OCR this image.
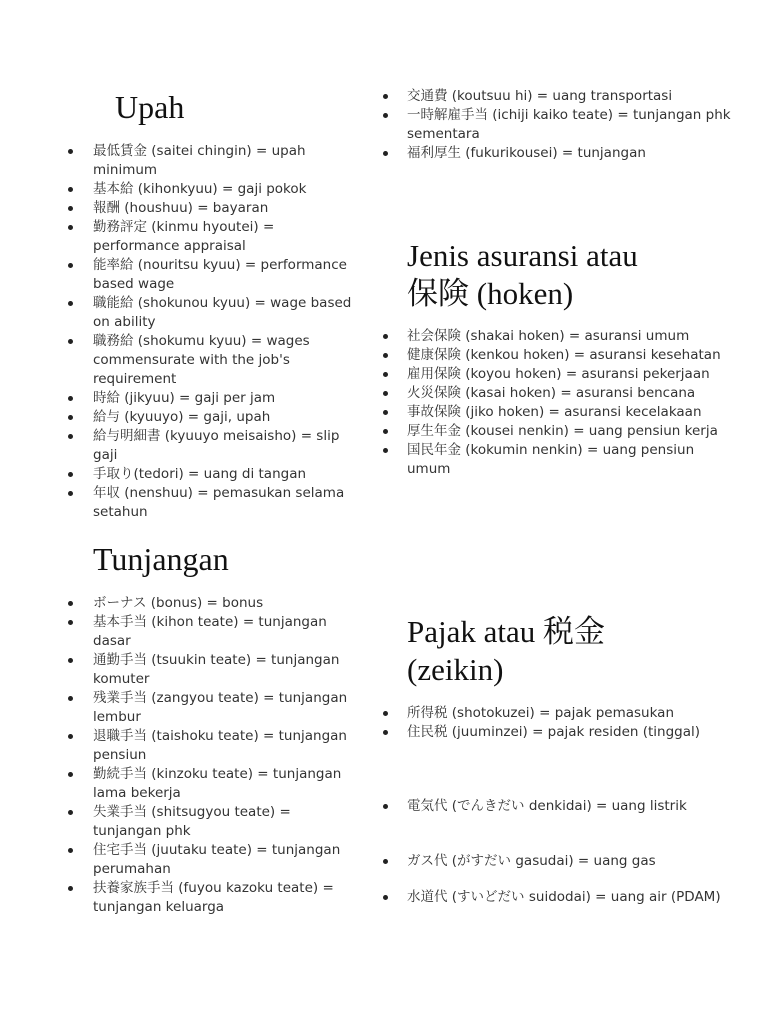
Upah
最低賃金 (saitei chingin) = upah minimum
基本給 (kihonkyuu) = gaji pokok
報酬 (houshuu) = bayaran
勤務評定 (kinmu hyoutei) = performance appraisal
能率給 (nouritsu kyuu) = performance based wage
職能給 (shokunou kyuu) = wage based on ability
職務給 (shokumu kyuu) = wages commensurate with the job's requirement
時給 (jikyuu) = gaji per jam
給与 (kyuuyo) = gaji, upah
給与明細書 (kyuuyo meisaisho) = slip gaji
手取り(tedori) = uang di tangan
年収 (nenshuu) = pemasukan selama setahun
Tunjangan
ボーナス (bonus) = bonus
基本手当 (kihon teate) = tunjangan dasar
通勤手当 (tsuukin teate) = tunjangan komuter
残業手当 (zangyou teate) = tunjangan lembur
退職手当 (taishoku teate) = tunjangan pensiun
勤続手当 (kinzoku teate) = tunjangan lama bekerja
失業手当 (shitsugyou teate) = tunjangan phk
住宅手当 (juutaku teate) = tunjangan perumahan
扶養家族手当 (fuyou kazoku teate) = tunjangan keluarga
交通費 (koutsuu hi) = uang transportasi
一時解雇手当 (ichiji kaiko teate) = tunjangan phk sementara
福利厚生 (fukurikousei) = tunjangan
Jenis asuransi atau
保険 (hoken)
社会保険 (shakai hoken) = asuransi umum
健康保険 (kenkou hoken) = asuransi kesehatan
雇用保険 (koyou hoken) = asuransi pekerjaan
火災保険 (kasai hoken) = asuransi bencana
事故保険 (jiko hoken) = asuransi kecelakaan
厚生年金 (kousei nenkin) = uang pensiun kerja
国民年金 (kokumin nenkin) = uang pensiun umum
Pajak atau 税金
(zeikin)
所得税 (shotokuzei) = pajak pemasukan
住民税 (juuminzei) = pajak residen (tinggal)
電気代 (でんきだい denkidai) = uang listrik
ガス代 (がすだい gasudai) = uang gas
水道代 (すいどだい suidodai) = uang air (PDAM)
